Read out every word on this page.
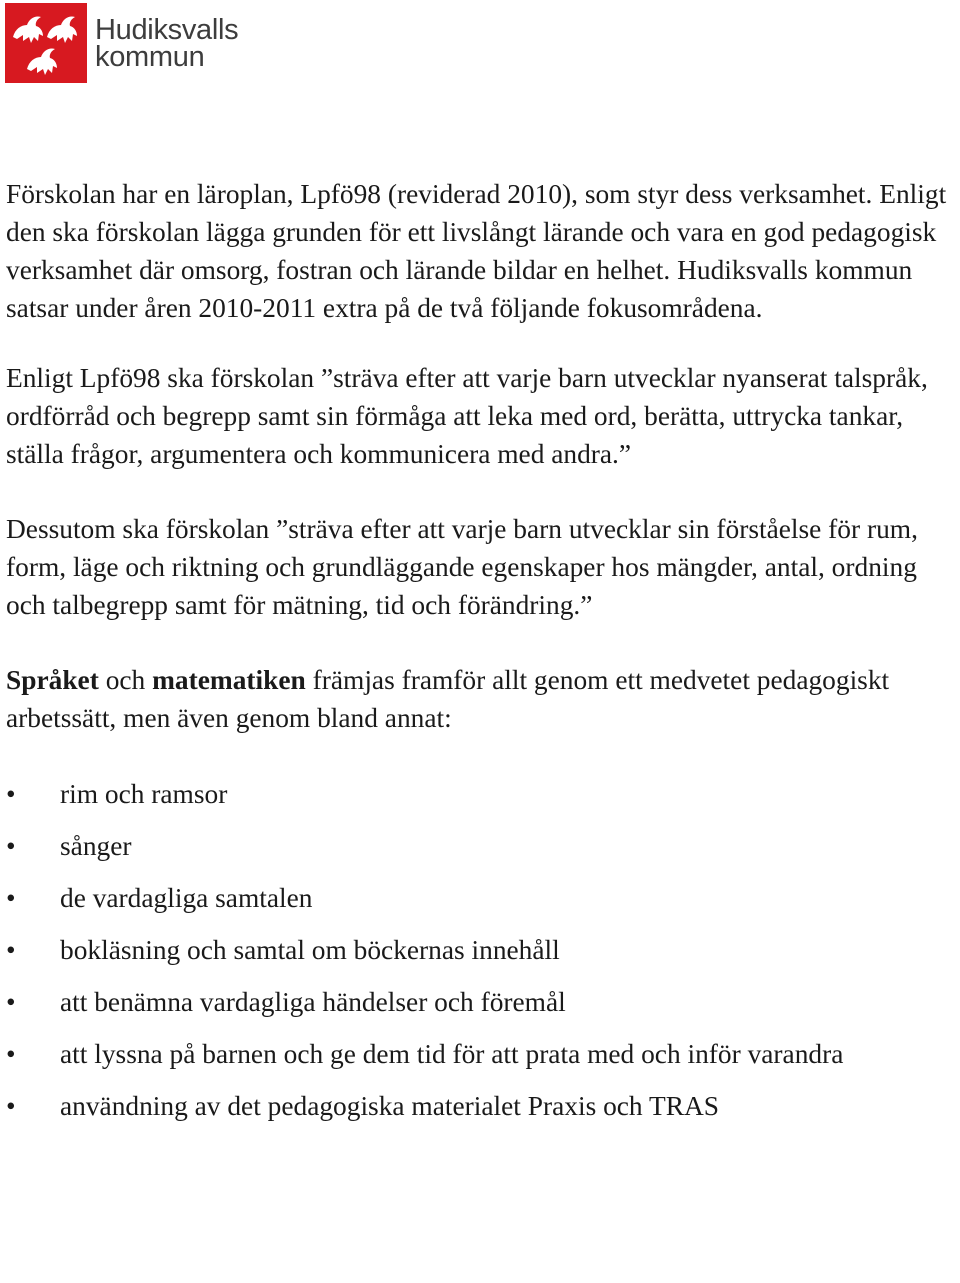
Hudiksvalls
kommun

Förskolan har en läroplan, Lpfö98 (reviderad 2010), som styr dess verksamhet. Enligt den ska förskolan lägga grunden för ett livslångt lärande och vara en god pedagogisk verksamhet där omsorg, fostran och lärande bildar en helhet. Hudiksvalls kommun satsar under åren 2010-2011 extra på de två följande fokusområdena.

Enligt Lpfö98 ska förskolan ”sträva efter att varje barn utvecklar nyanserat talspråk, ordförråd och begrepp samt sin förmåga att leka med ord, berätta, uttrycka tankar, ställa frågor, argumentera och kommunicera med andra.”

Dessutom ska förskolan ”sträva efter att varje barn utvecklar sin förståelse för rum, form, läge och riktning och grundläggande egenskaper hos mängder, antal, ordning och talbegrepp samt för mätning, tid och förändring.”

Språket och matematiken främjas framför allt genom ett medvetet pedagogiskt arbetssätt, men även genom bland annat:

• rim och ramsor
• sånger
• de vardagliga samtalen
• bokläsning och samtal om böckernas innehåll
• att benämna vardagliga händelser och föremål
• att lyssna på barnen och ge dem tid för att prata med och inför varandra
• användning av det pedagogiska materialet Praxis och TRAS
